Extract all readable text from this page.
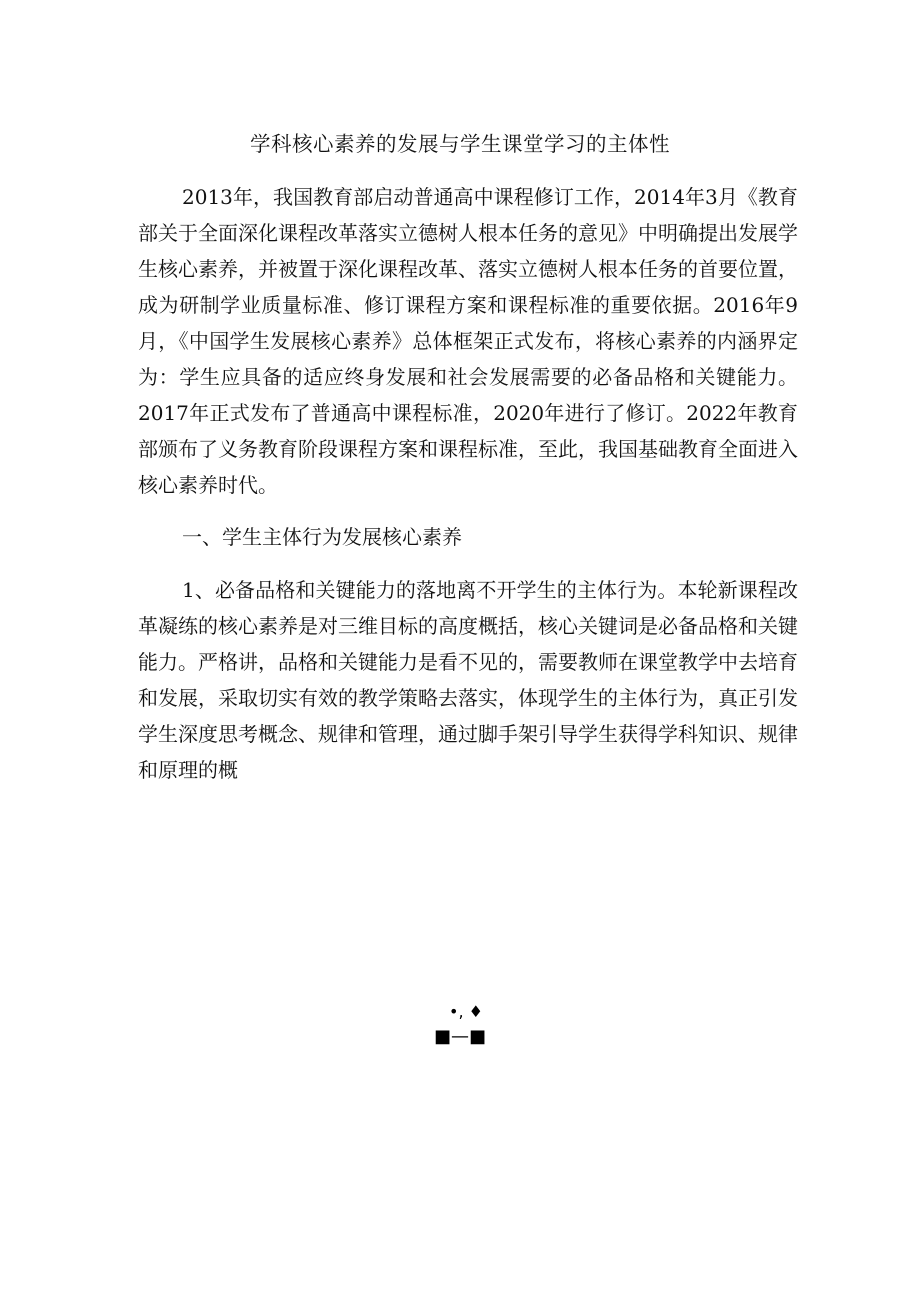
学科核心素养的发展与学生课堂学习的主体性

2013年，我国教育部启动普通高中课程修订工作，2014年3月《教育部关于全面深化课程改革落实立德树人根本任务的意见》中明确提出发展学生核心素养，并被置于深化课程改革、落实立德树人根本任务的首要位置，成为研制学业质量标准、修订课程方案和课程标准的重要依据。2016年9月，《中国学生发展核心素养》总体框架正式发布，将核心素养的内涵界定为：学生应具备的适应终身发展和社会发展需要的必备品格和关键能力。2017年正式发布了普通高中课程标准，2020年进行了修订。2022年教育部颁布了义务教育阶段课程方案和课程标准，至此，我国基础教育全面进入核心素养时代。

一、学生主体行为发展核心素养

1、必备品格和关键能力的落地离不开学生的主体行为。本轮新课程改革凝练的核心素养是对三维目标的高度概括，核心关键词是必备品格和关键能力。严格讲，品格和关键能力是看不见的，需要教师在课堂教学中去培育和发展，采取切实有效的教学策略去落实，体现学生的主体行为，真正引发学生深度思考概念、规律和管理，通过脚手架引导学生获得学科知识、规律和原理的概

•, ♦
■—■
